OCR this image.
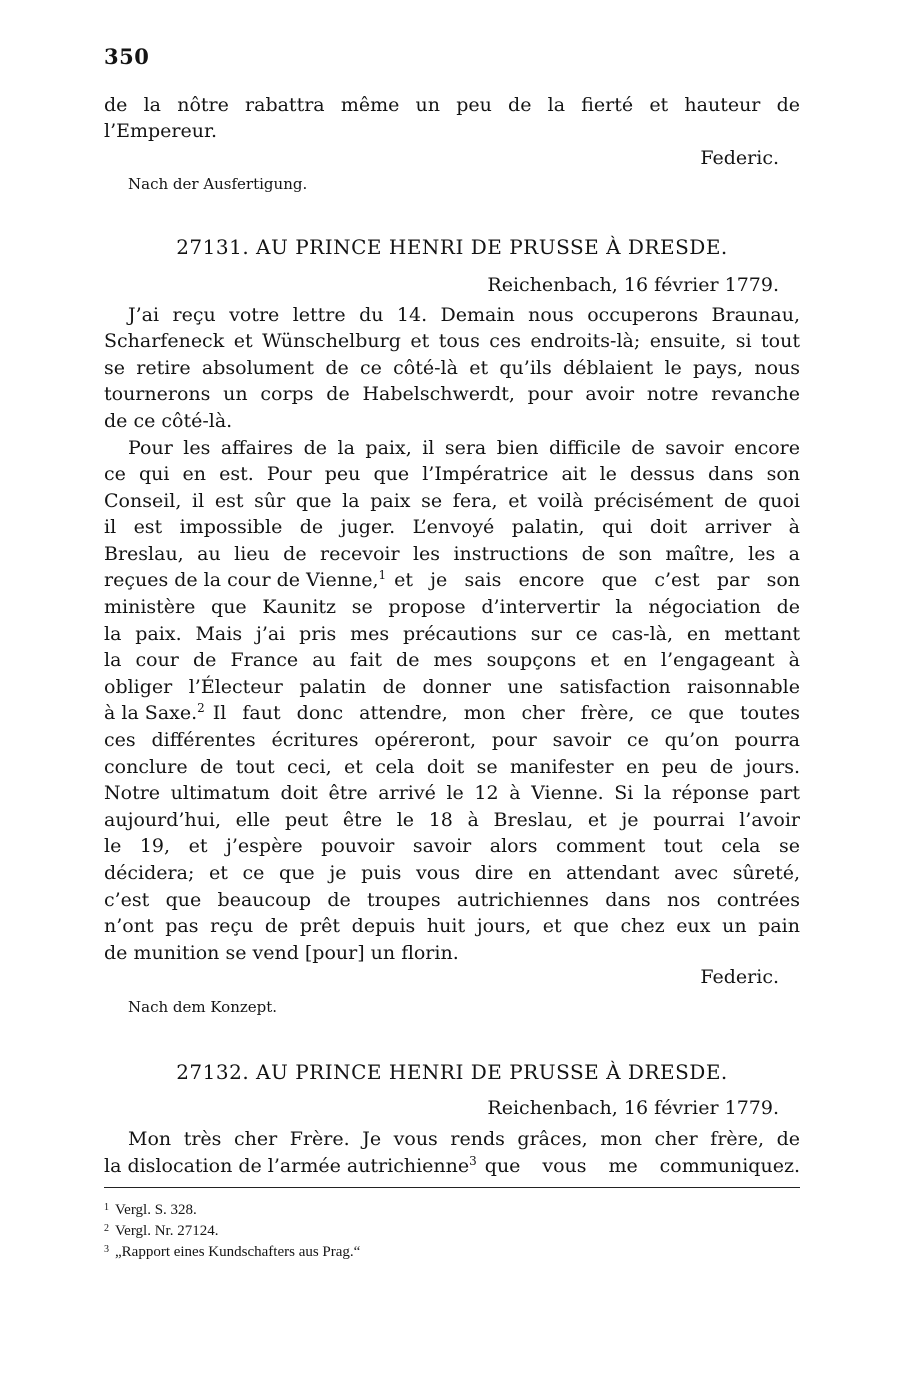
350
de la nôtre rabattra même un peu de la fierté et hauteur de
l’Empereur.
Federic.
Nach der Ausfertigung.
27131. AU PRINCE HENRI DE PRUSSE À DRESDE.
Reichenbach, 16 février 1779.
J’ai reçu votre lettre du 14. Demain nous occuperons Braunau,
Scharfeneck et Wünschelburg et tous ces endroits-là; ensuite, si tout
se retire absolument de ce côté-là et qu’ils déblaient le pays, nous
tournerons un corps de Habelschwerdt, pour avoir notre revanche
de ce côté-là.
Pour les affaires de la paix, il sera bien difficile de savoir encore
ce qui en est. Pour peu que l’Impératrice ait le dessus dans son
Conseil, il est sûr que la paix se fera, et voilà précisément de quoi
il est impossible de juger. L’envoyé palatin, qui doit arriver à
Breslau, au lieu de recevoir les instructions de son maître, les a
reçues de la cour de Vienne,$^1$ et je sais encore que c’est par son
ministère que Kaunitz se propose d’intervertir la négociation de
la paix. Mais j’ai pris mes précautions sur ce cas-là, en mettant
la cour de France au fait de mes soupçons et en l’engageant à
obliger l’Électeur palatin de donner une satisfaction raisonnable
à la Saxe.$^2$ Il faut donc attendre, mon cher frère, ce que toutes
ces différentes écritures opéreront, pour savoir ce qu’on pourra
conclure de tout ceci, et cela doit se manifester en peu de jours.
Notre ultimatum doit être arrivé le 12 à Vienne. Si la réponse part
aujourd’hui, elle peut être le 18 à Breslau, et je pourrai l’avoir
le 19, et j’espère pouvoir savoir alors comment tout cela se
décidera; et ce que je puis vous dire en attendant avec sûreté,
c’est que beaucoup de troupes autrichiennes dans nos contrées
n’ont pas reçu de prêt depuis huit jours, et que chez eux un pain
de munition se vend [pour] un florin.
Federic.
Nach dem Konzept.
27132. AU PRINCE HENRI DE PRUSSE À DRESDE.
Reichenbach, 16 février 1779.
Mon très cher Frère. Je vous rends grâces, mon cher frère, de
la dislocation de l’armée autrichienne$^3$ que vous me communiquez.
$^1$ Vergl. S. 328.
$^2$ Vergl. Nr. 27124.
$^3$ „Rapport eines Kundschafters aus Prag.“
